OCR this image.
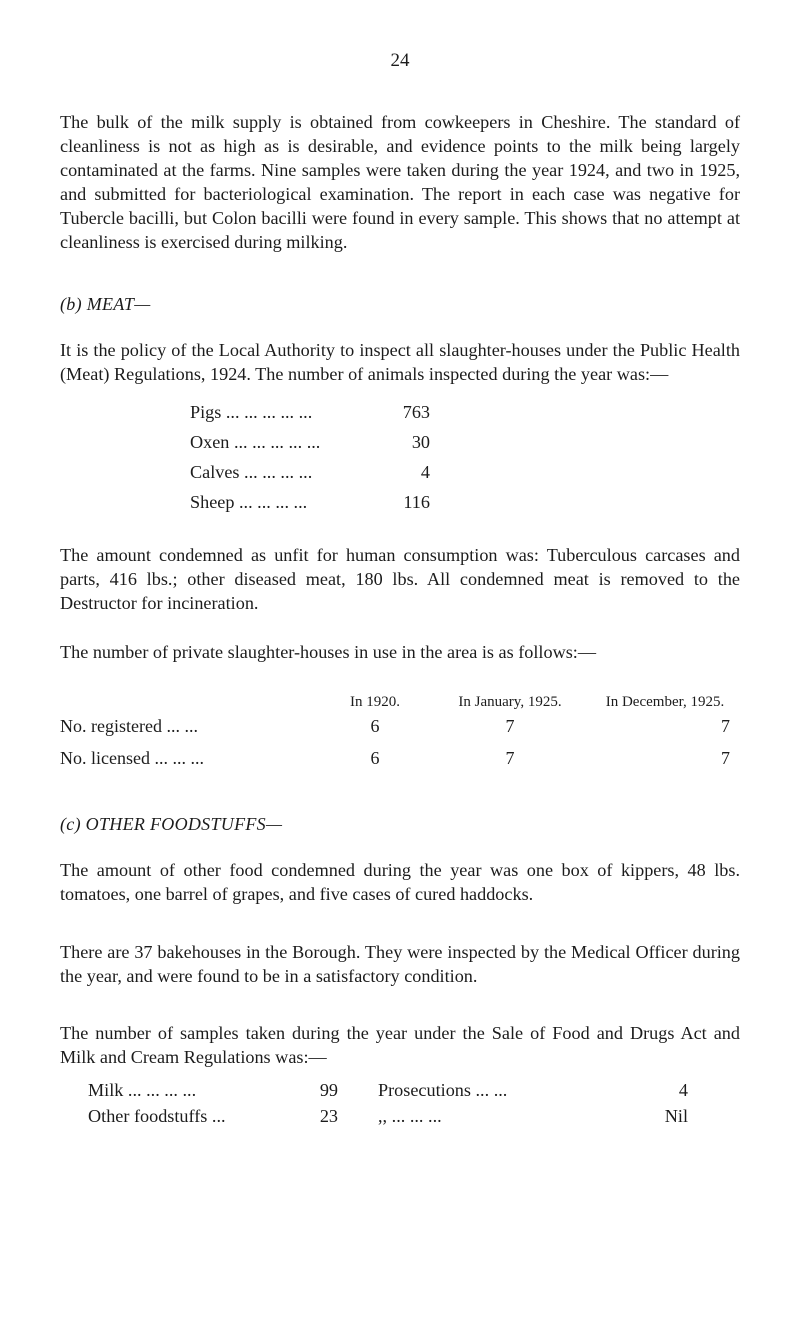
24

The bulk of the milk supply is obtained from cowkeepers in Cheshire. The standard of cleanliness is not as high as is desirable, and evidence points to the milk being largely contaminated at the farms. Nine samples were taken during the year 1924, and two in 1925, and submitted for bacteriological examination. The report in each case was negative for Tubercle bacilli, but Colon bacilli were found in every sample. This shows that no attempt at cleanliness is exercised during milking.

(b) MEAT—

It is the policy of the Local Authority to inspect all slaughter-houses under the Public Health (Meat) Regulations, 1924. The number of animals inspected during the year was:—

Pigs ... ... ... ... ...	763
Oxen ... ... ... ... ...	30
Calves ... ... ... ...	4
Sheep ... ... ... ...	116

The amount condemned as unfit for human consumption was: Tuberculous carcases and parts, 416 lbs.; other diseased meat, 180 lbs. All condemned meat is removed to the Destructor for incineration.

The number of private slaughter-houses in use in the area is as follows:—

	In 1920.	In January, 1925.	In December, 1925.
No. registered ... ...	6	7	7
No. licensed ... ... ...	6	7	7
(c) OTHER FOODSTUFFS—

The amount of other food condemned during the year was one box of kippers, 48 lbs. tomatoes, one barrel of grapes, and five cases of cured haddocks.

There are 37 bakehouses in the Borough. They were inspected by the Medical Officer during the year, and were found to be in a satisfactory condition.

The number of samples taken during the year under the Sale of Food and Drugs Act and Milk and Cream Regulations was:—

Milk ... ... ... ...	99 Prosecutions ... ...	4
Other foodstuffs ...	23 ,, ... ... ...	Nil
